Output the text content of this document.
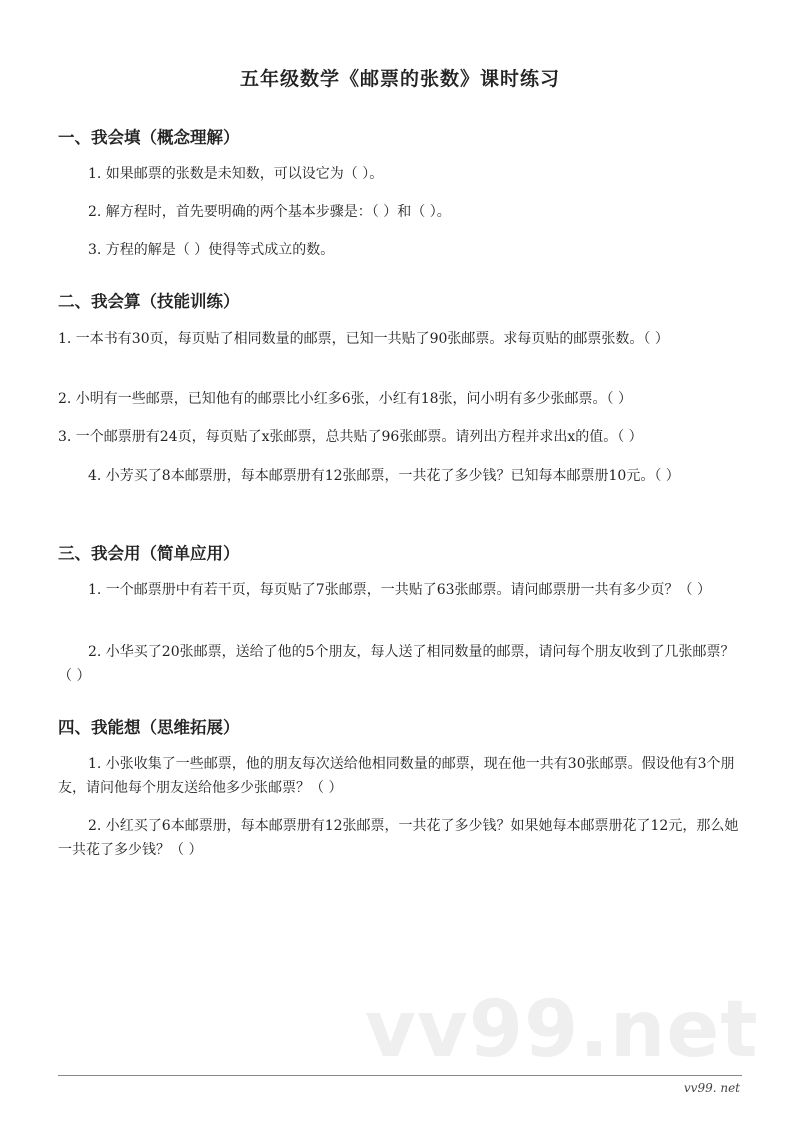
五年级数学《邮票的张数》课时练习
一、我会填（概念理解）
1. 如果邮票的张数是未知数，可以设它为（ ）。
2. 解方程时，首先要明确的两个基本步骤是：（ ）和（ ）。
3. 方程的解是（ ）使得等式成立的数。
二、我会算（技能训练）
1. 一本书有30页，每页贴了相同数量的邮票，已知一共贴了90张邮票。求每页贴的邮票张数。（ ）
2. 小明有一些邮票，已知他有的邮票比小红多6张，小红有18张，问小明有多少张邮票。（ ）
3. 一个邮票册有24页，每页贴了x张邮票，总共贴了96张邮票。请列出方程并求出x的值。（ ）
4. 小芳买了8本邮票册，每本邮票册有12张邮票，一共花了多少钱？已知每本邮票册10元。（ ）
三、我会用（简单应用）
1. 一个邮票册中有若干页，每页贴了7张邮票，一共贴了63张邮票。请问邮票册一共有多少页？（ ）
2. 小华买了20张邮票，送给了他的5个朋友，每人送了相同数量的邮票，请问每个朋友收到了几张邮票？（ ）
四、我能想（思维拓展）
1. 小张收集了一些邮票，他的朋友每次送给他相同数量的邮票，现在他一共有30张邮票。假设他有3个朋友，请问他每个朋友送给他多少张邮票？（ ）
2. 小红买了6本邮票册，每本邮票册有12张邮票，一共花了多少钱？如果她每本邮票册花了12元，那么她一共花了多少钱？（ ）
vv99.net
vv99. net
